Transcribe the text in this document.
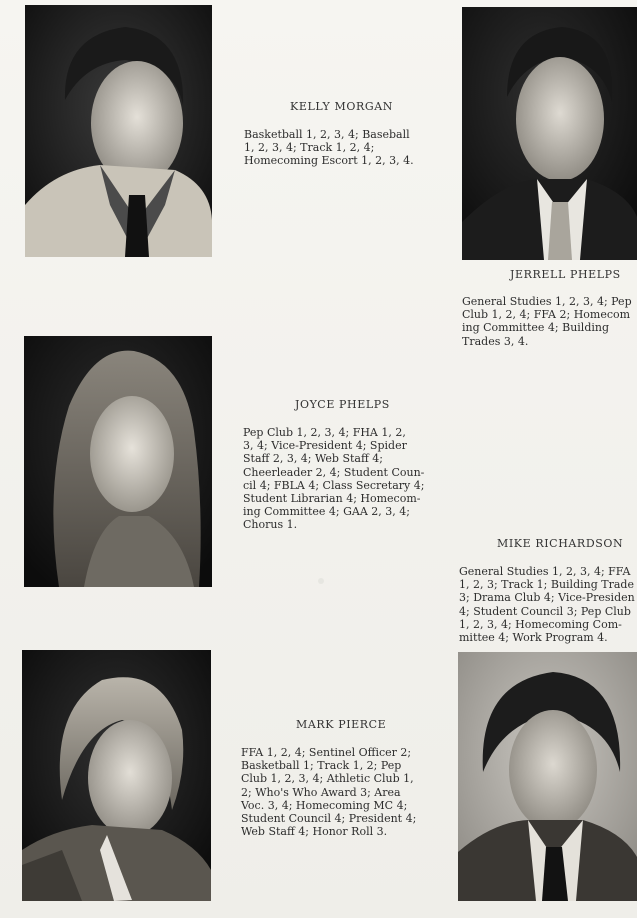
KELLY MORGAN
Basketball 1, 2, 3, 4; Baseball
1, 2, 3, 4; Track 1, 2, 4;
Homecoming Escort 1, 2, 3, 4.
JERRELL PHELPS
General Studies 1, 2, 3, 4; Pep
Club 1, 2, 4; FFA 2; Homecom
ing Committee 4; Building
Trades 3, 4.
JOYCE PHELPS
Pep Club 1, 2, 3, 4; FHA 1, 2,
3, 4; Vice-President 4; Spider
Staff 2, 3, 4; Web Staff 4;
Cheerleader 2, 4; Student Coun-
cil 4; FBLA 4; Class Secretary 4;
Student Librarian 4; Homecom-
ing Committee 4; GAA 2, 3, 4;
Chorus 1.
MIKE RICHARDSON
General Studies 1, 2, 3, 4; FFA
1, 2, 3; Track 1; Building Trade
3; Drama Club 4; Vice-Presiden
4; Student Council 3; Pep Club
1, 2, 3, 4; Homecoming Com-
mittee 4; Work Program 4.
MARK PIERCE
FFA 1, 2, 4; Sentinel Officer 2;
Basketball 1; Track 1, 2; Pep
Club 1, 2, 3, 4; Athletic Club 1,
2; Who's Who Award 3; Area
Voc. 3, 4; Homecoming MC 4;
Student Council 4; President 4;
Web Staff 4; Honor Roll 3.
